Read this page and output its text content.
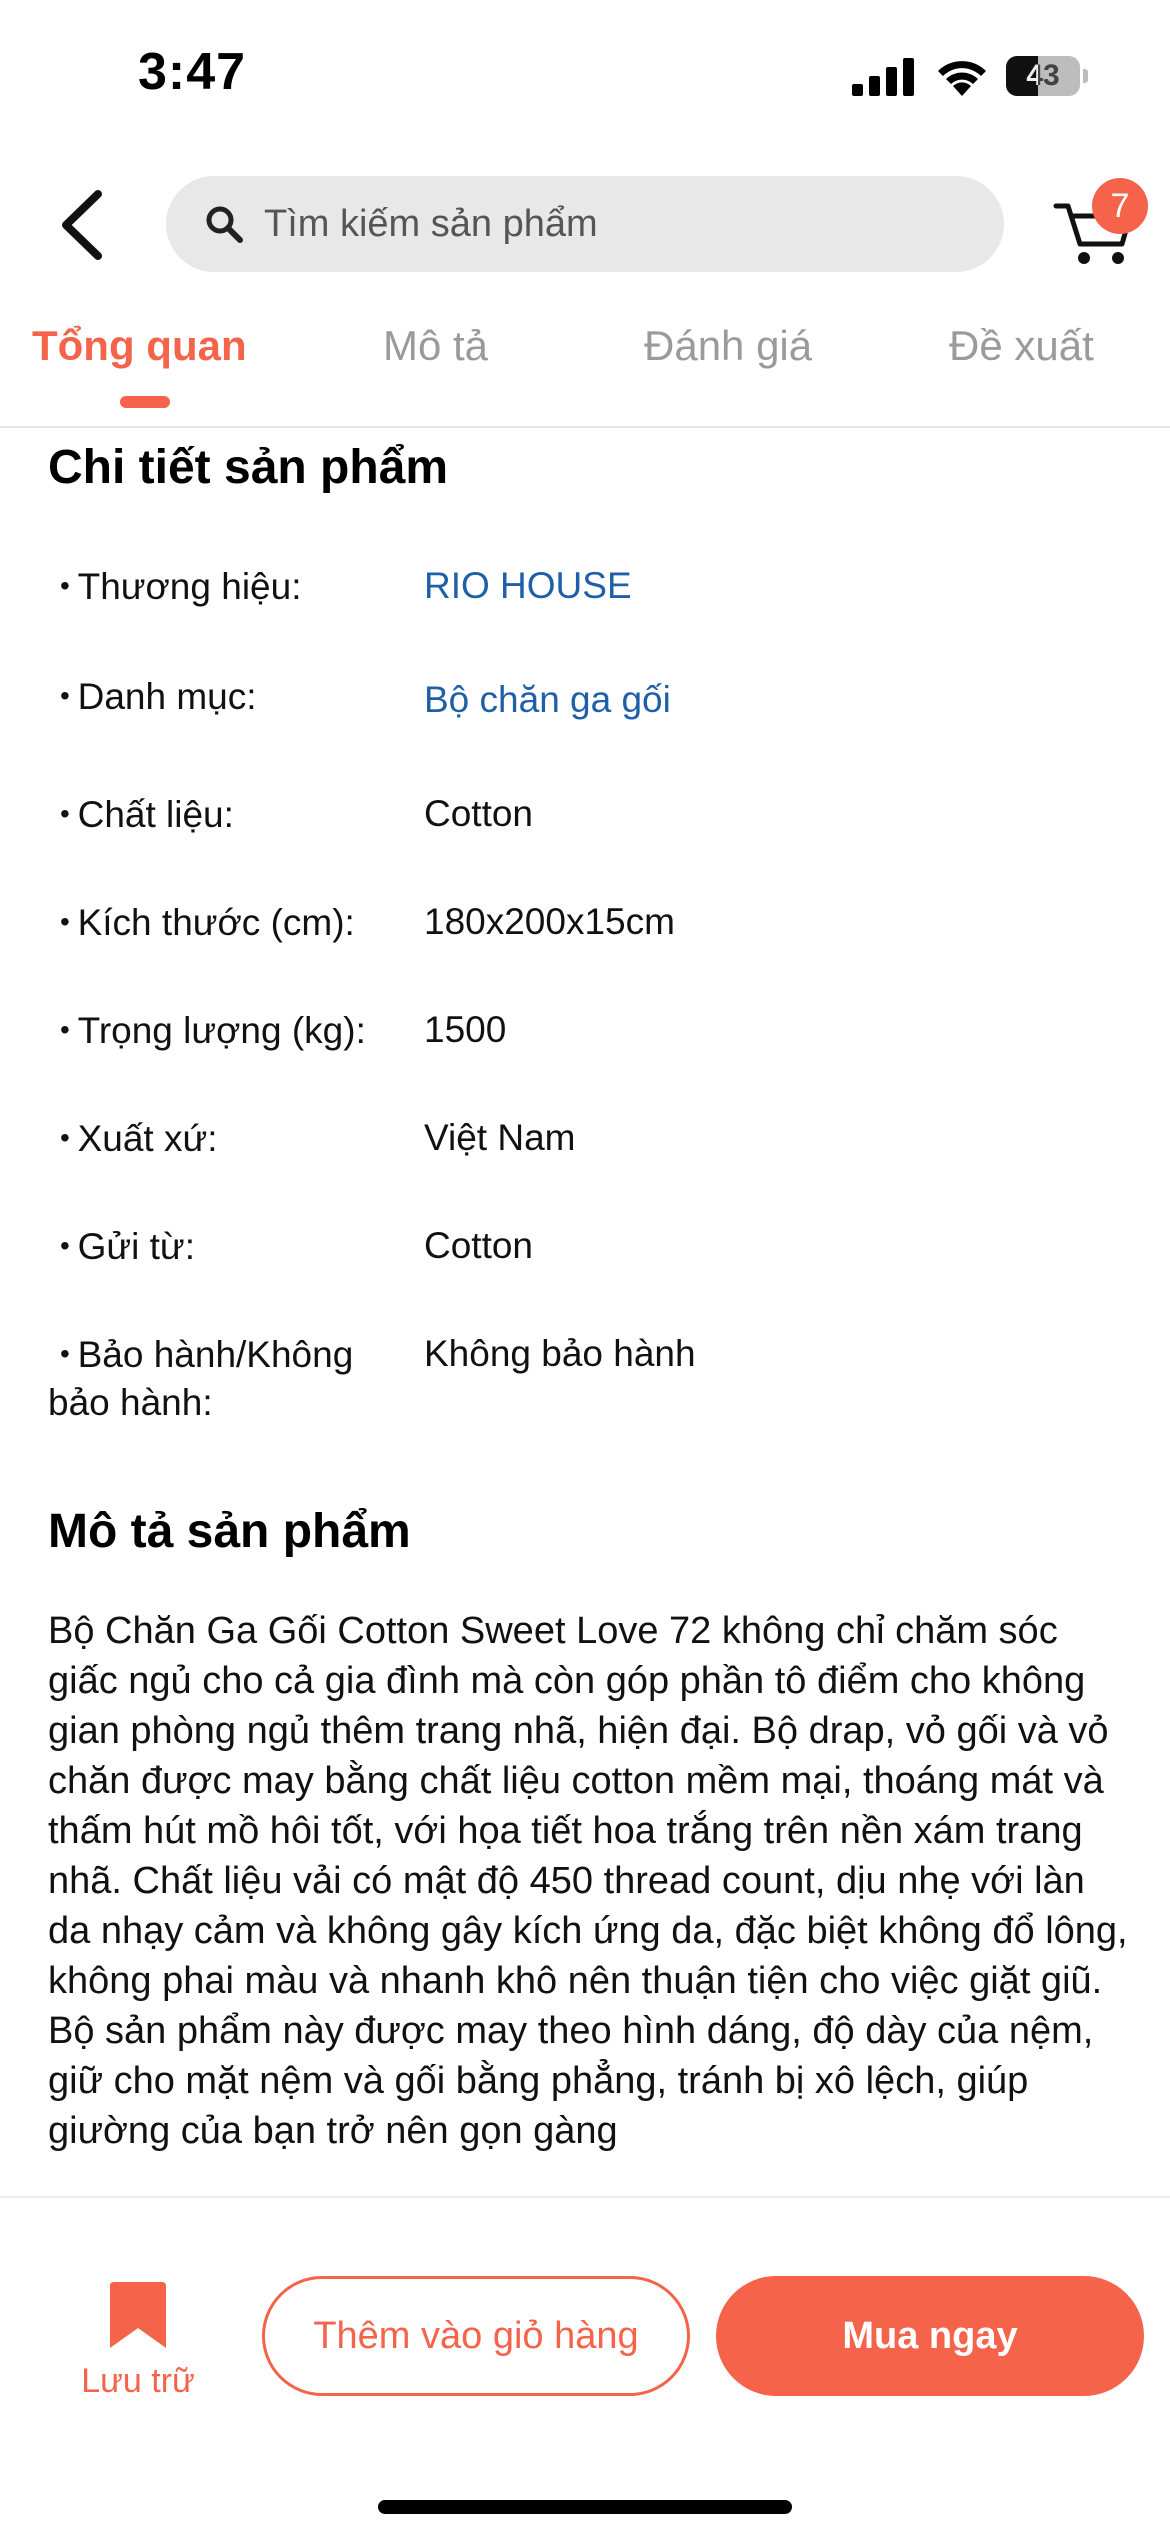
3:47	43
Tìm kiếm sản phẩm	7
Tổng quan	Mô tả	Đánh giá	Đề xuất
Chi tiết sản phẩm
• Thương hiệu:	RIO HOUSE
• Danh mục:	Bộ chăn ga gối
• Chất liệu:	Cotton
• Kích thước (cm):	180x200x15cm
• Trọng lượng (kg):	1500
• Xuất xứ:	Việt Nam
• Gửi từ:	Cotton
• Bảo hành/Không bảo hành:
Không bảo hành
Mô tả sản phẩm
Bộ Chăn Ga Gối Cotton Sweet Love 72 không chỉ chăm sóc giấc ngủ cho cả gia đình mà còn góp phần tô điểm cho không gian phòng ngủ thêm trang nhã, hiện đại. Bộ drap, vỏ gối và vỏ chăn được may bằng chất liệu cotton mềm mại, thoáng mát và thấm hút mồ hôi tốt, với họa tiết hoa trắng trên nền xám trang nhã. Chất liệu vải có mật độ 450 thread count, dịu nhẹ với làn da nhạy cảm và không gây kích ứng da, đặc biệt không đổ lông, không phai màu và nhanh khô nên thuận tiện cho việc giặt giũ. Bộ sản phẩm này được may theo hình dáng, độ dày của nệm, giữ cho mặt nệm và gối bằng phẳng, tránh bị xô lệch, giúp giường của bạn trở nên gọn gàng
Lưu trữ
Thêm vào giỏ hàng	Mua ngay
